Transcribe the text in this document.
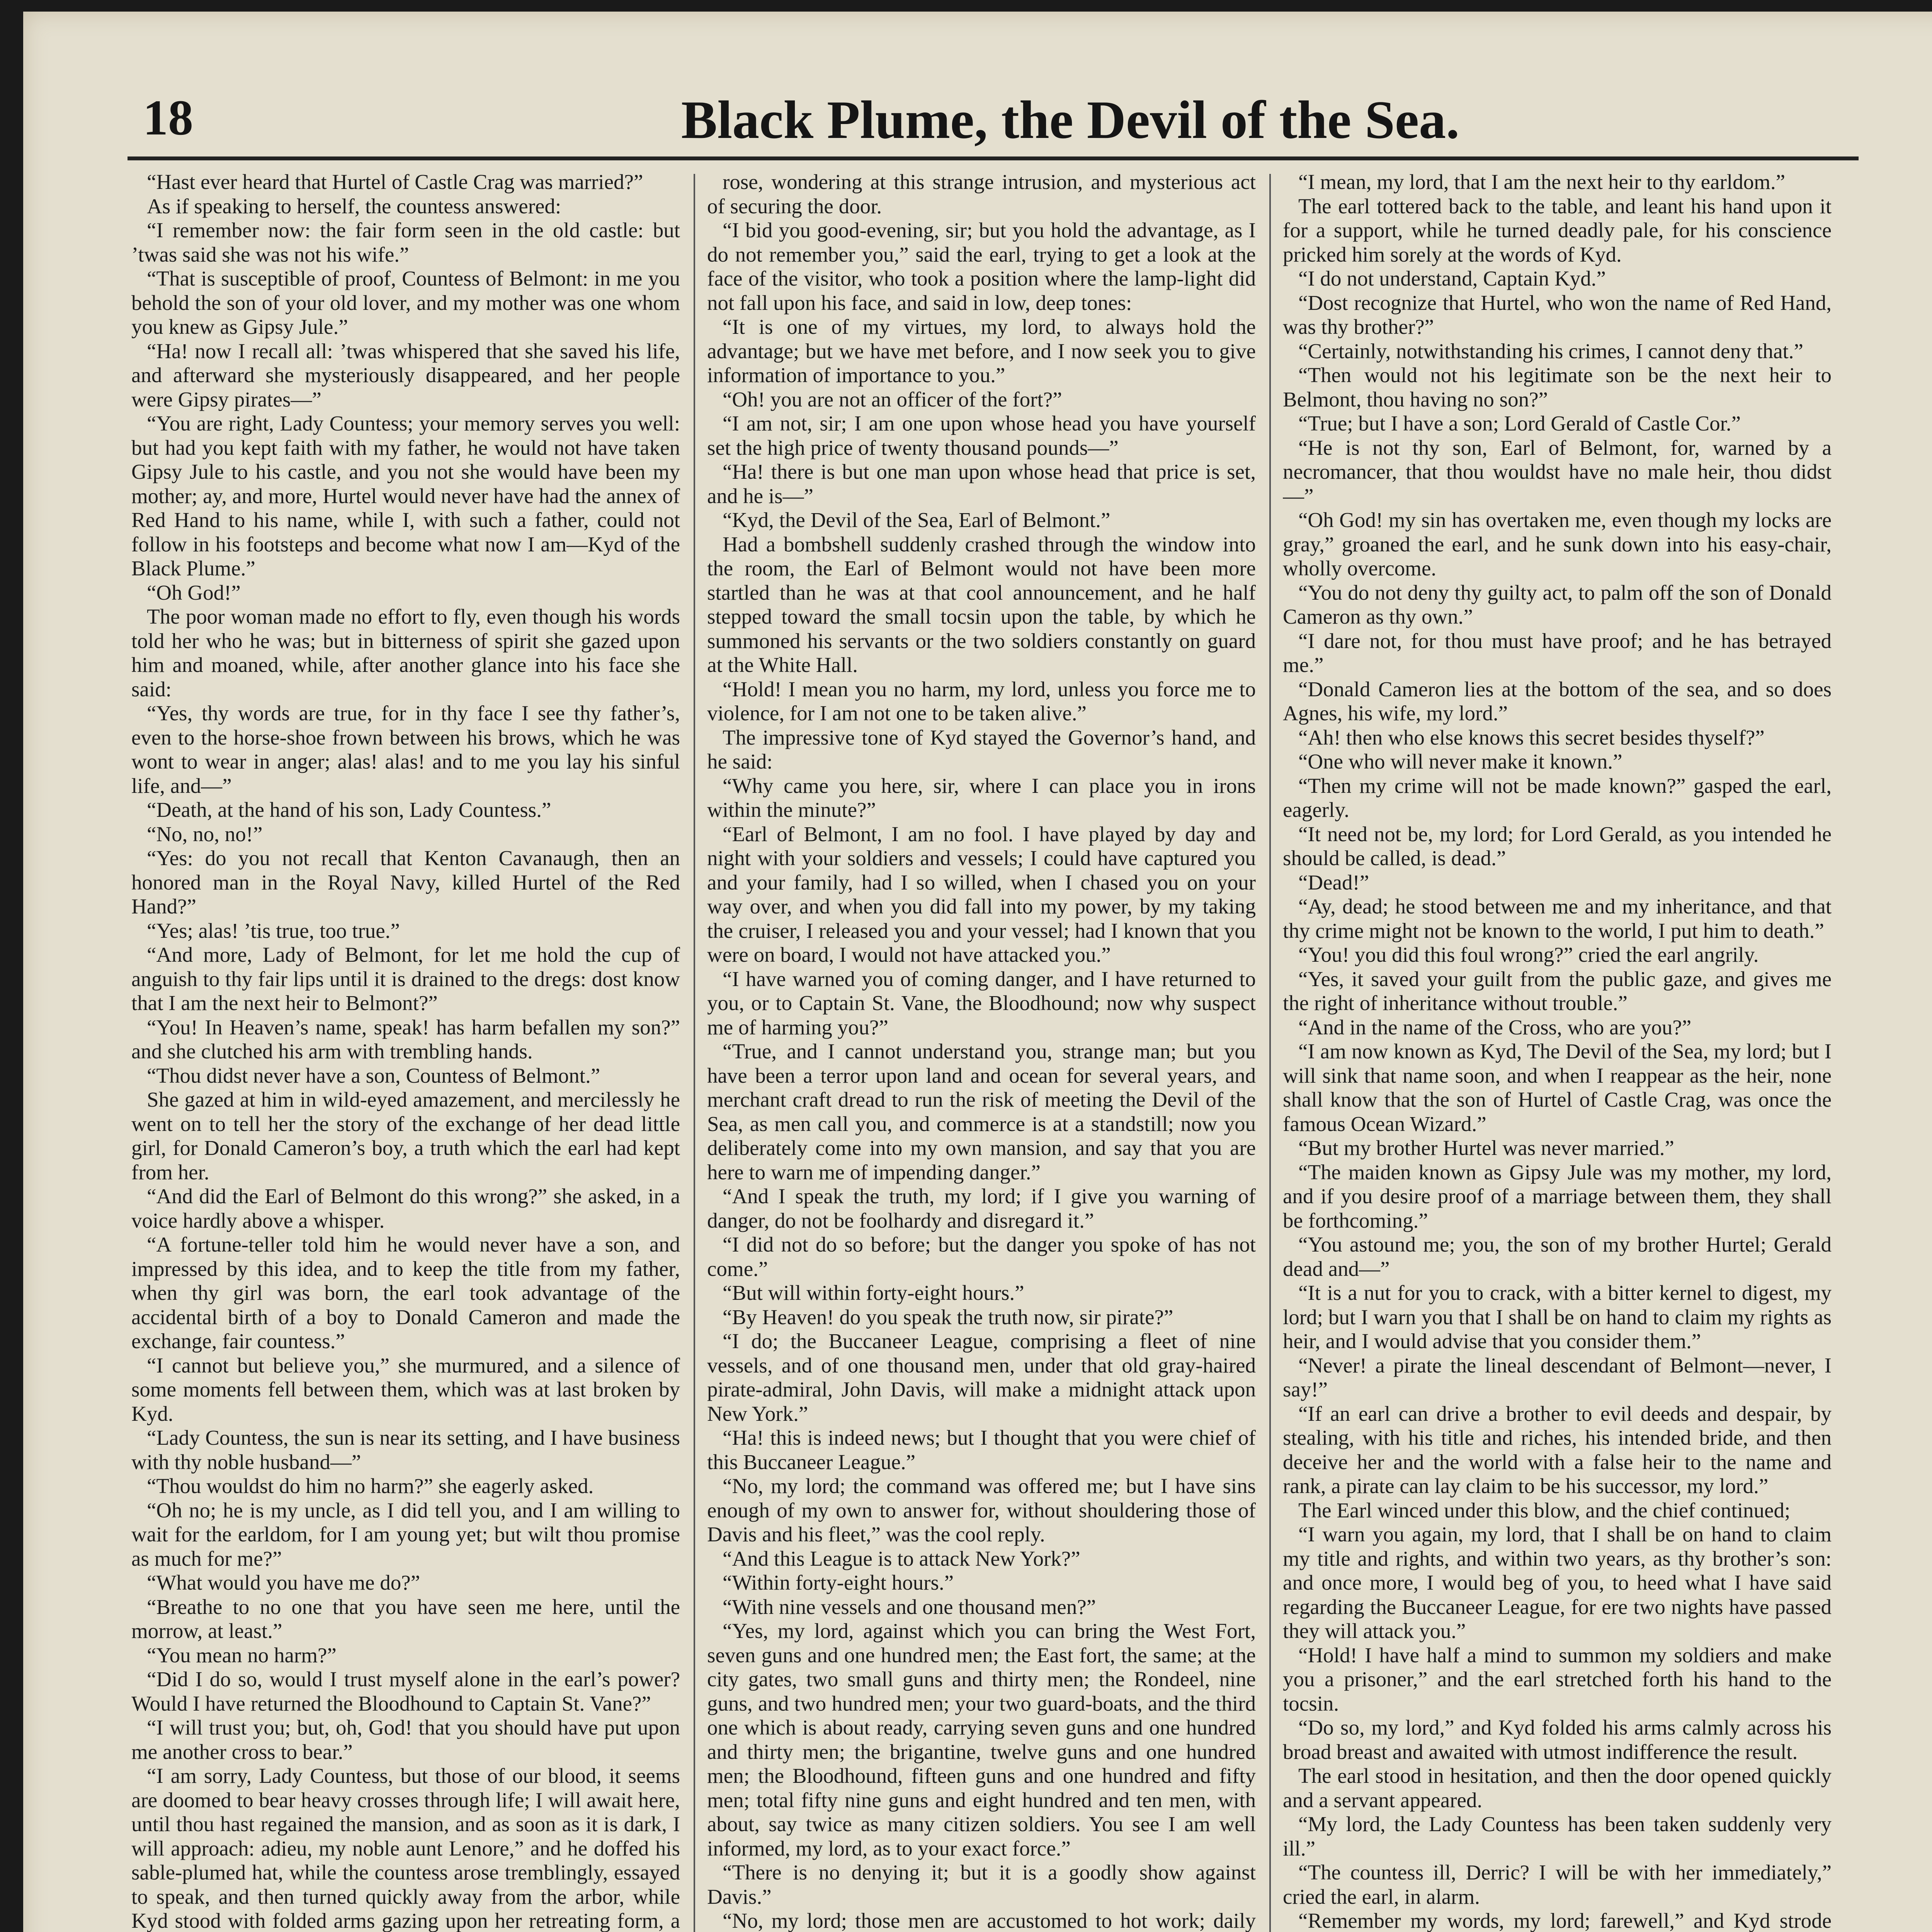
18	Black Plume, the Devil of the Sea.

“Hast ever heard that Hurtel of Castle Crag was married?”

As if speaking to herself, the countess answered:

“I remember now: the fair form seen in the old castle: but ’twas said she was not his wife.”

“That is susceptible of proof, Countess of Belmont: in me you behold the son of your old lover, and my mother was one whom you knew as Gipsy Jule.”

“Ha! now I recall all: ’twas whispered that she saved his life, and afterward she mysteriously disappeared, and her people were Gipsy pirates—”

“You are right, Lady Countess; your memory serves you well: but had you kept faith with my father, he would not have taken Gipsy Jule to his castle, and you not she would have been my mother; ay, and more, Hurtel would never have had the annex of Red Hand to his name, while I, with such a father, could not follow in his footsteps and become what now I am—Kyd of the Black Plume.”

“Oh God!”

The poor woman made no effort to fly, even though his words told her who he was; but in bitterness of spirit she gazed upon him and moaned, while, after another glance into his face she said:

“Yes, thy words are true, for in thy face I see thy father’s, even to the horse-shoe frown between his brows, which he was wont to wear in anger; alas! alas! and to me you lay his sinful life, and—”

“Death, at the hand of his son, Lady Countess.”

“No, no, no!”

“Yes: do you not recall that Kenton Cavanaugh, then an honored man in the Royal Navy, killed Hurtel of the Red Hand?”

“Yes; alas! ’tis true, too true.”

“And more, Lady of Belmont, for let me hold the cup of anguish to thy fair lips until it is drained to the dregs: dost know that I am the next heir to Belmont?”

“You! In Heaven’s name, speak! has harm befallen my son?” and she clutched his arm with trembling hands.

“Thou didst never have a son, Countess of Belmont.”

She gazed at him in wild-eyed amazement, and mercilessly he went on to tell her the story of the exchange of her dead little girl, for Donald Cameron’s boy, a truth which the earl had kept from her.

“And did the Earl of Belmont do this wrong?” she asked, in a voice hardly above a whisper.

“A fortune-teller told him he would never have a son, and impressed by this idea, and to keep the title from my father, when thy girl was born, the earl took advantage of the accidental birth of a boy to Donald Cameron and made the exchange, fair countess.”

“I cannot but believe you,” she murmured, and a silence of some moments fell between them, which was at last broken by Kyd.

“Lady Countess, the sun is near its setting, and I have business with thy noble husband—”

“Thou wouldst do him no harm?” she eagerly asked.

“Oh no; he is my uncle, as I did tell you, and I am willing to wait for the earldom, for I am young yet; but wilt thou promise as much for me?”

“What would you have me do?”

“Breathe to no one that you have seen me here, until the morrow, at least.”

“You mean no harm?”

“Did I do so, would I trust myself alone in the earl’s power? Would I have returned the Bloodhound to Captain St. Vane?”

“I will trust you; but, oh, God! that you should have put upon me another cross to bear.”

“I am sorry, Lady Countess, but those of our blood, it seems are doomed to bear heavy crosses through life; I will await here, until thou hast regained the mansion, and as soon as it is dark, I will approach: adieu, my noble aunt Lenore,” and he doffed his sable-plumed hat, while the countess arose tremblingly, essayed to speak, and then turned quickly away from the arbor, while Kyd stood with folded arms gazing upon her retreating form, a

rose, wondering at this strange intrusion, and mysterious act of securing the door.

“I bid you good-evening, sir; but you hold the advantage, as I do not remember you,” said the earl, trying to get a look at the face of the visitor, who took a position where the lamp-light did not fall upon his face, and said in low, deep tones:

“It is one of my virtues, my lord, to always hold the advantage; but we have met before, and I now seek you to give information of importance to you.”

“Oh! you are not an officer of the fort?”

“I am not, sir; I am one upon whose head you have yourself set the high price of twenty thousand pounds—”

“Ha! there is but one man upon whose head that price is set, and he is—”

“Kyd, the Devil of the Sea, Earl of Belmont.”

Had a bombshell suddenly crashed through the window into the room, the Earl of Belmont would not have been more startled than he was at that cool announcement, and he half stepped toward the small tocsin upon the table, by which he summoned his servants or the two soldiers constantly on guard at the White Hall.

“Hold! I mean you no harm, my lord, unless you force me to violence, for I am not one to be taken alive.”

The impressive tone of Kyd stayed the Governor’s hand, and he said:

“Why came you here, sir, where I can place you in irons within the minute?”

“Earl of Belmont, I am no fool. I have played by day and night with your soldiers and vessels; I could have captured you and your family, had I so willed, when I chased you on your way over, and when you did fall into my power, by my taking the cruiser, I released you and your vessel; had I known that you were on board, I would not have attacked you.”

“I have warned you of coming danger, and I have returned to you, or to Captain St. Vane, the Bloodhound; now why suspect me of harming you?”

“True, and I cannot understand you, strange man; but you have been a terror upon land and ocean for several years, and merchant craft dread to run the risk of meeting the Devil of the Sea, as men call you, and commerce is at a standstill; now you deliberately come into my own mansion, and say that you are here to warn me of impending danger.”

“And I speak the truth, my lord; if I give you warning of danger, do not be foolhardy and disregard it.”

“I did not do so before; but the danger you spoke of has not come.”

“But will within forty-eight hours.”

“By Heaven! do you speak the truth now, sir pirate?”

“I do; the Buccaneer League, comprising a fleet of nine vessels, and of one thousand men, under that old gray-haired pirate-admiral, John Davis, will make a midnight attack upon New York.”

“Ha! this is indeed news; but I thought that you were chief of this Buccaneer League.”

“No, my lord; the command was offered me; but I have sins enough of my own to answer for, without shouldering those of Davis and his fleet,” was the cool reply.

“And this League is to attack New York?”

“Within forty-eight hours.”

“With nine vessels and one thousand men?”

“Yes, my lord, against which you can bring the West Fort, seven guns and one hundred men; the East fort, the same; at the city gates, two small guns and thirty men; the Rondeel, nine guns, and two hundred men; your two guard-boats, and the third one which is about ready, carrying seven guns and one hundred and thirty men; the brigantine, twelve guns and one hundred men; the Bloodhound, fifteen guns and one hundred and fifty men; total fifty nine guns and eight hundred and ten men, with about, say twice as many citizen soldiers. You see I am well informed, my lord, as to your exact force.”

“There is no denying it; but it is a goodly show against Davis.”

“No, my lord; those men are accustomed to hot work; daily

“I mean, my lord, that I am the next heir to thy earldom.”

The earl tottered back to the table, and leant his hand upon it for a support, while he turned deadly pale, for his conscience pricked him sorely at the words of Kyd.

“I do not understand, Captain Kyd.”

“Dost recognize that Hurtel, who won the name of Red Hand, was thy brother?”

“Certainly, notwithstanding his crimes, I cannot deny that.”

“Then would not his legitimate son be the next heir to Belmont, thou having no son?”

“True; but I have a son; Lord Gerald of Castle Cor.”

“He is not thy son, Earl of Belmont, for, warned by a necromancer, that thou wouldst have no male heir, thou didst—”

“Oh God! my sin has overtaken me, even though my locks are gray,” groaned the earl, and he sunk down into his easy-chair, wholly overcome.

“You do not deny thy guilty act, to palm off the son of Donald Cameron as thy own.”

“I dare not, for thou must have proof; and he has betrayed me.”

“Donald Cameron lies at the bottom of the sea, and so does Agnes, his wife, my lord.”

“Ah! then who else knows this secret besides thyself?”

“One who will never make it known.”

“Then my crime will not be made known?” gasped the earl, eagerly.

“It need not be, my lord; for Lord Gerald, as you intended he should be called, is dead.”

“Dead!”

“Ay, dead; he stood between me and my inheritance, and that thy crime might not be known to the world, I put him to death.”

“You! you did this foul wrong?” cried the earl angrily.

“Yes, it saved your guilt from the public gaze, and gives me the right of inheritance without trouble.”

“And in the name of the Cross, who are you?”

“I am now known as Kyd, The Devil of the Sea, my lord; but I will sink that name soon, and when I reappear as the heir, none shall know that the son of Hurtel of Castle Crag, was once the famous Ocean Wizard.”

“But my brother Hurtel was never married.”

“The maiden known as Gipsy Jule was my mother, my lord, and if you desire proof of a marriage between them, they shall be forthcoming.”

“You astound me; you, the son of my brother Hurtel; Gerald dead and—”

“It is a nut for you to crack, with a bitter kernel to digest, my lord; but I warn you that I shall be on hand to claim my rights as heir, and I would advise that you consider them.”

“Never! a pirate the lineal descendant of Belmont—never, I say!”

“If an earl can drive a brother to evil deeds and despair, by stealing, with his title and riches, his intended bride, and then deceive her and the world with a false heir to the name and rank, a pirate can lay claim to be his successor, my lord.”

The Earl winced under this blow, and the chief continued;

“I warn you again, my lord, that I shall be on hand to claim my title and rights, and within two years, as thy brother’s son: and once more, I would beg of you, to heed what I have said regarding the Buccaneer League, for ere two nights have passed they will attack you.”

“Hold! I have half a mind to summon my soldiers and make you a prisoner,” and the earl stretched forth his hand to the tocsin.

“Do so, my lord,” and Kyd folded his arms calmly across his broad breast and awaited with utmost indifference the result.

The earl stood in hesitation, and then the door opened quickly and a servant appeared.

“My lord, the Lady Countess has been taken suddenly very ill.”

“The countess ill, Derric? I will be with her immediately,” cried the earl, in alarm.

“Remember my words, my lord; farewell,” and Kyd strode
